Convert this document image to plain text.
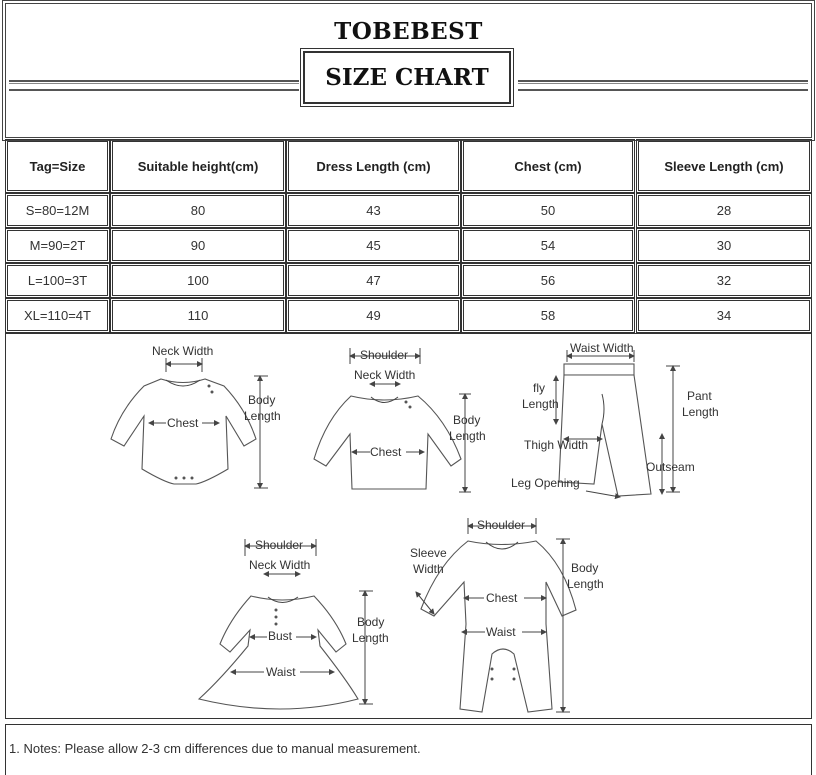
TOBEBEST
SIZE CHART
Tag=Size	Suitable height(cm)	Dress Length (cm)	Chest (cm)	Sleeve Length (cm)
S=80=12M	80	43	50	28
M=90=2T	90	45	54	30
L=100=3T	100	47	56	32
XL=110=4T	110	49	58	34
Neck Width
Chest
Body
Length
Shoulder
Neck Width
Chest
Body
Length
Waist Width
fly
Length
Pant
Length
Thigh Width
Outseam
Leg Opening
Shoulder
Neck Width
Bust
Waist
Body
Length
Shoulder
Sleeve
Width
Chest
Waist
Body
Length
1. Notes: Please allow 2-3 cm differences due to manual measurement.
